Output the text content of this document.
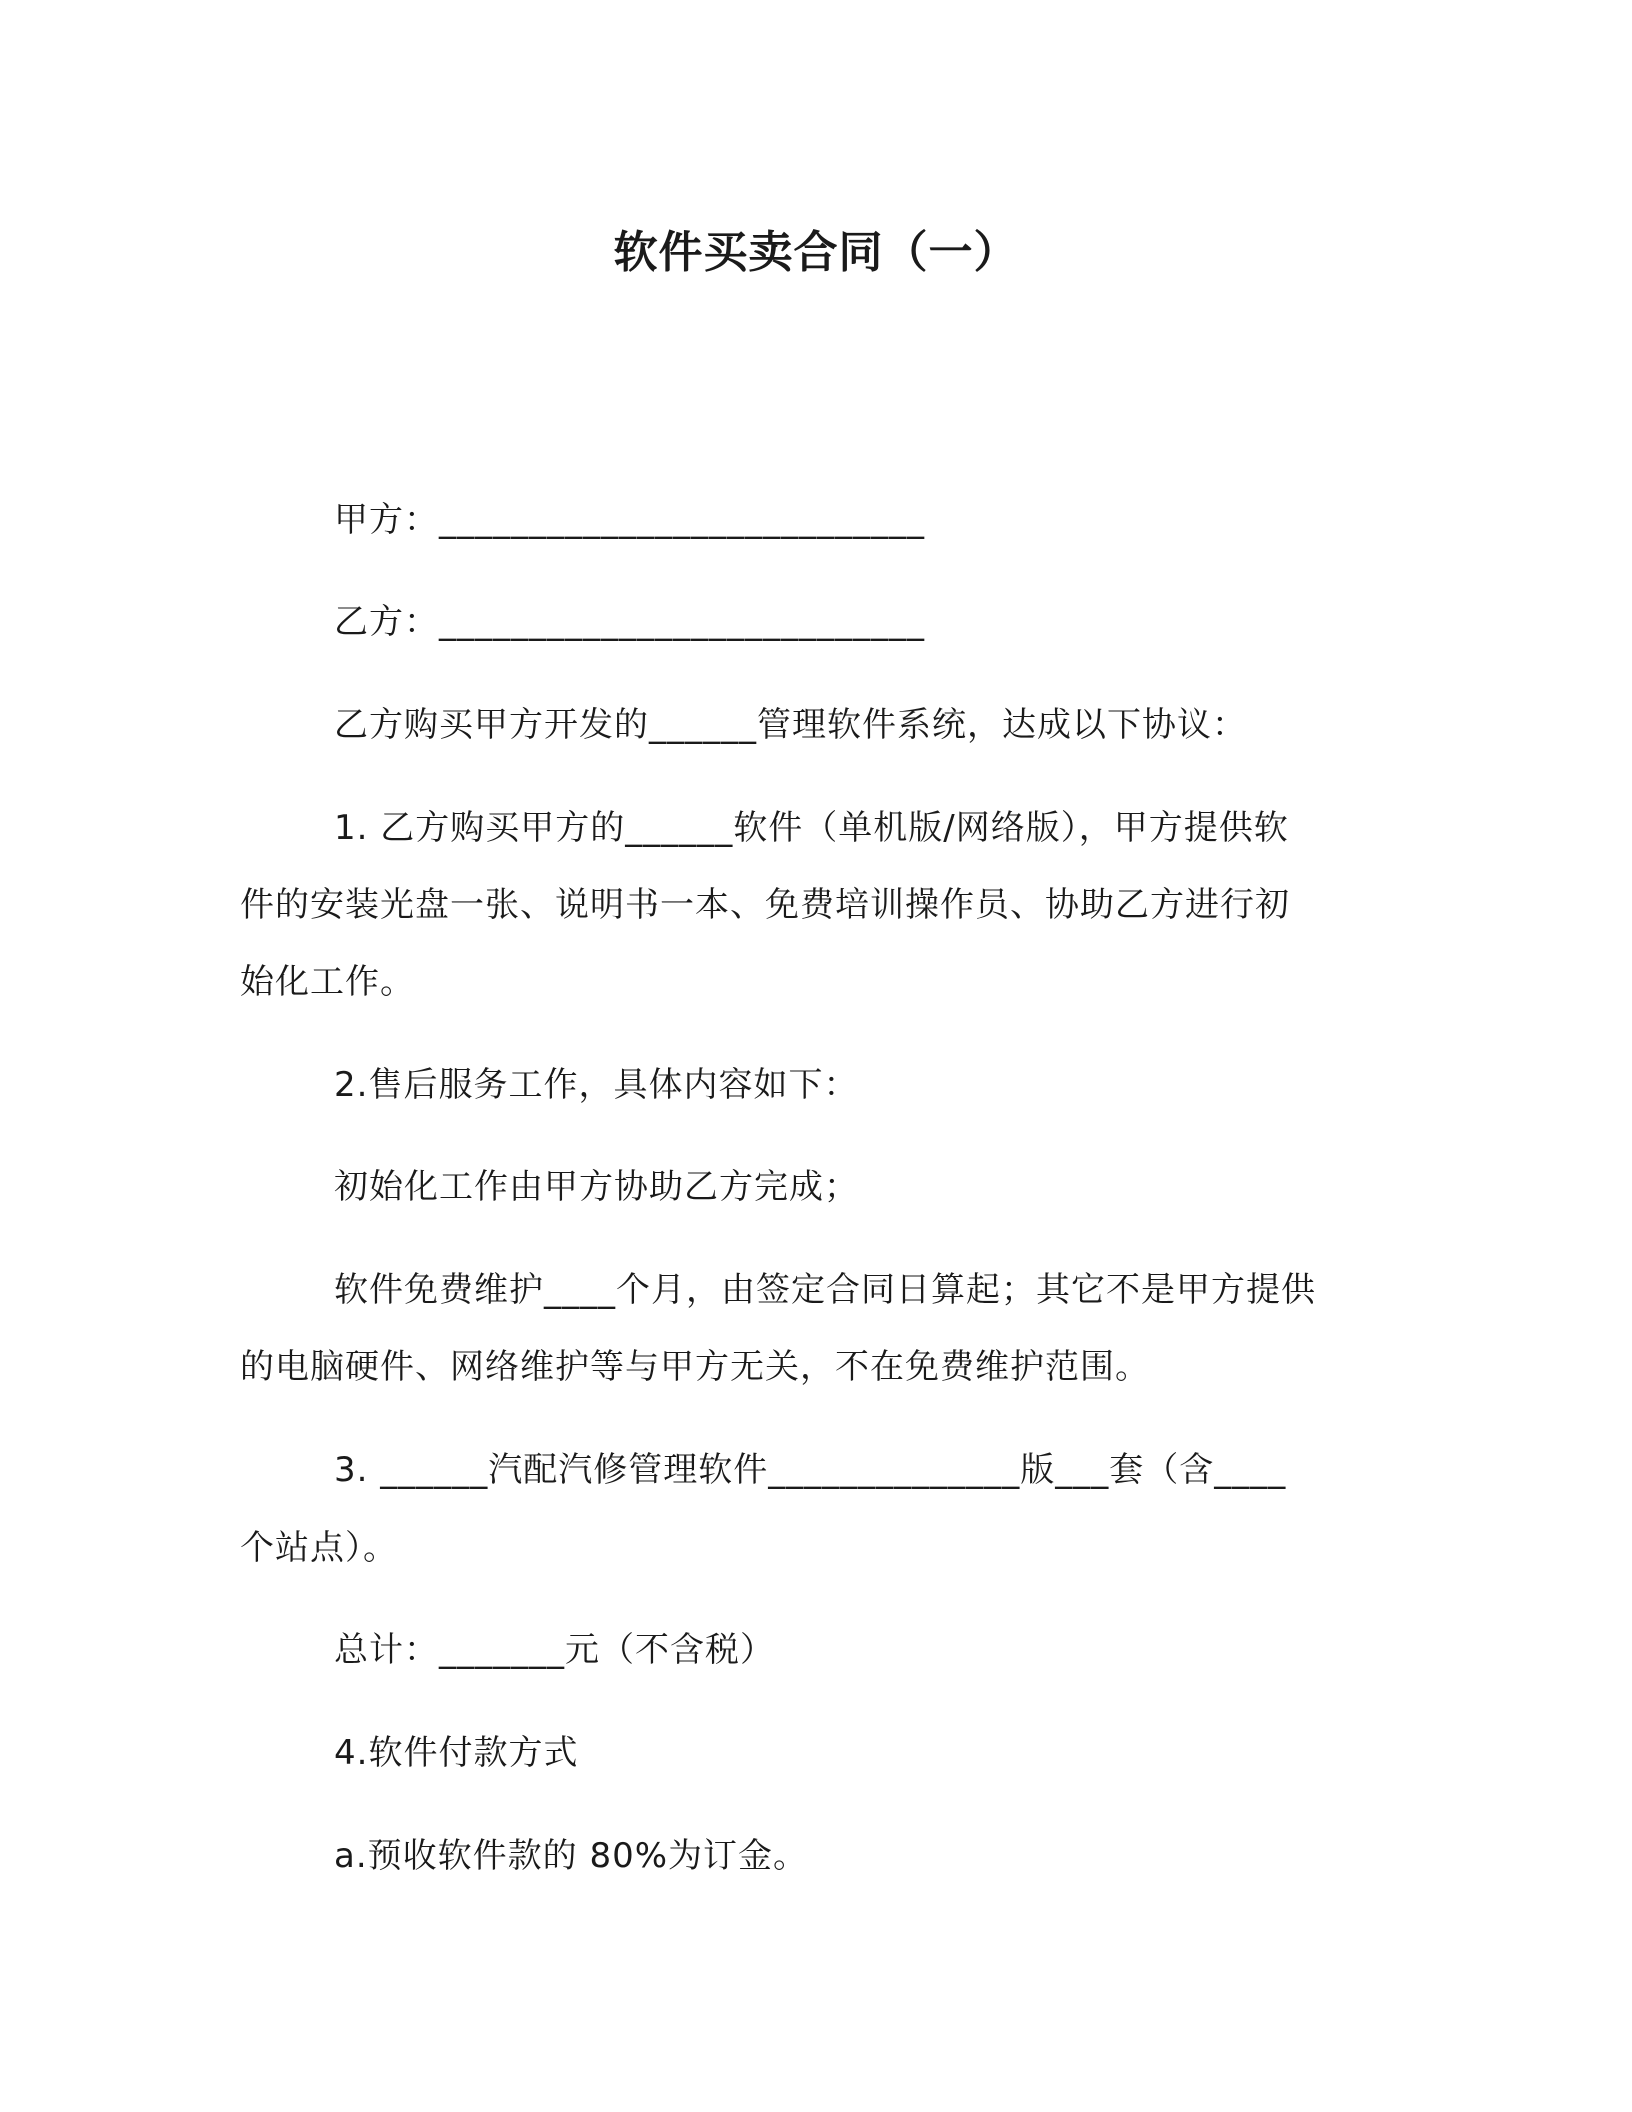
软件买卖合同（一）
甲方：___________________________
乙方：___________________________
乙方购买甲方开发的______管理软件系统，达成以下协议：
1. 乙方购买甲方的______软件（单机版/网络版），甲方提供软
件的安装光盘一张、说明书一本、免费培训操作员、协助乙方进行初
始化工作。
2.售后服务工作，具体内容如下：
初始化工作由甲方协助乙方完成；
软件免费维护____个月，由签定合同日算起；其它不是甲方提供
的电脑硬件、网络维护等与甲方无关，不在免费维护范围。
3. ______汽配汽修管理软件______________版___套（含____
个站点）。
总计：_______元（不含税）
4.软件付款方式
a.预收软件款的 80%为订金。
